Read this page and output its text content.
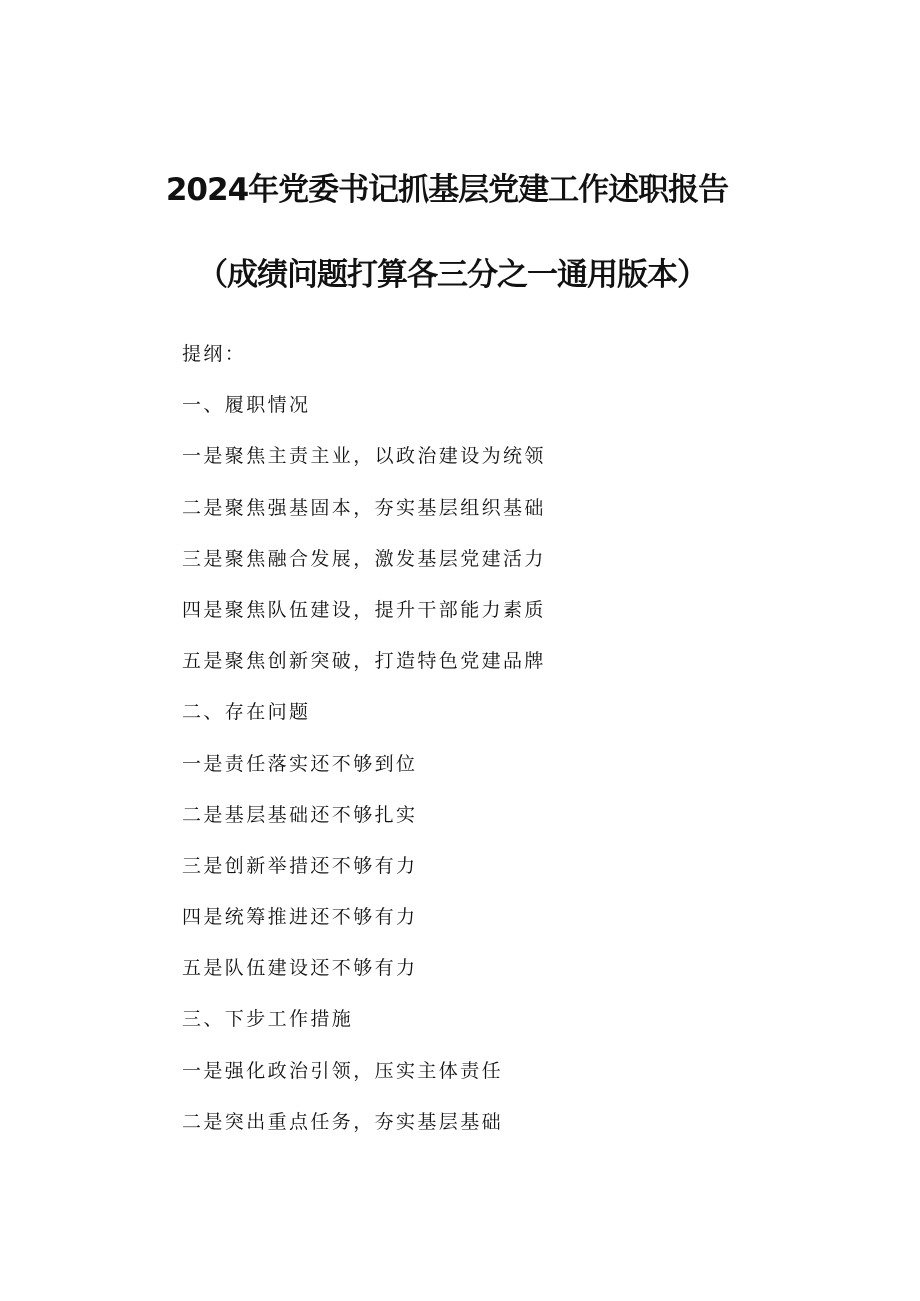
2024年党委书记抓基层党建工作述职报告
（成绩问题打算各三分之一通用版本）
提纲：
一、履职情况
一是聚焦主责主业，以政治建设为统领
二是聚焦强基固本，夯实基层组织基础
三是聚焦融合发展，激发基层党建活力
四是聚焦队伍建设，提升干部能力素质
五是聚焦创新突破，打造特色党建品牌
二、存在问题
一是责任落实还不够到位
二是基层基础还不够扎实
三是创新举措还不够有力
四是统筹推进还不够有力
五是队伍建设还不够有力
三、下步工作措施
一是强化政治引领，压实主体责任
二是突出重点任务，夯实基层基础
